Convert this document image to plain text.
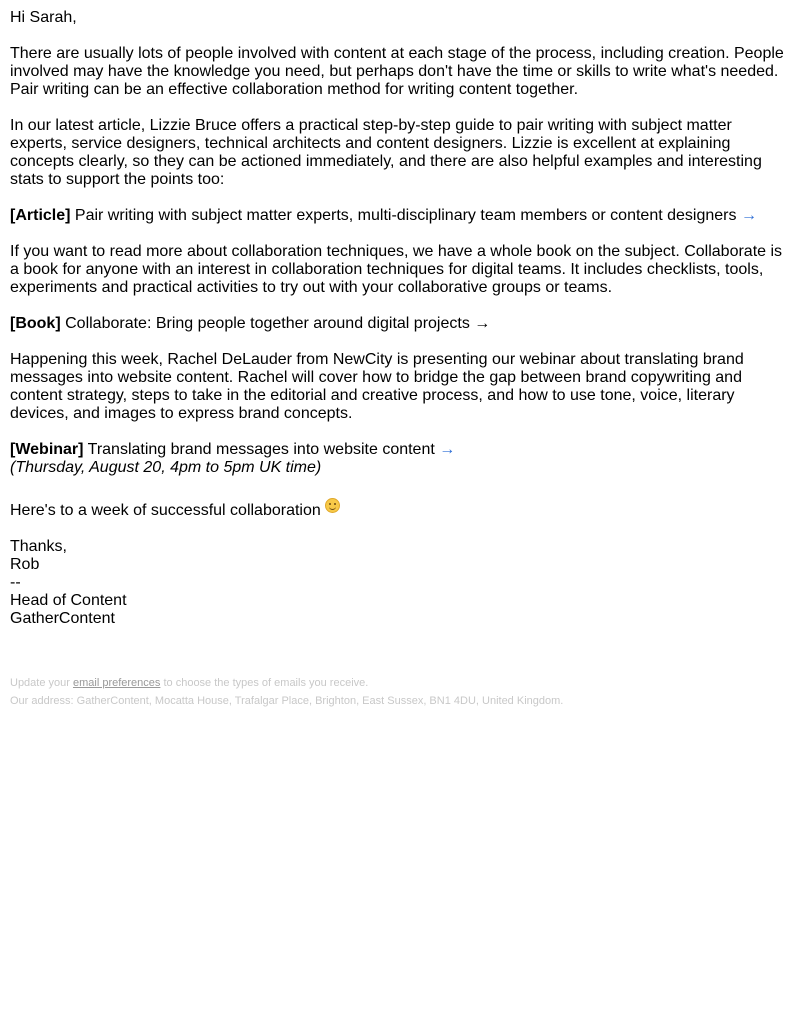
Hi Sarah,

There are usually lots of people involved with content at each stage of the process, including creation. People involved may have the knowledge you need, but perhaps don't have the time or skills to write what's needed. Pair writing can be an effective collaboration method for writing content together.

In our latest article, Lizzie Bruce offers a practical step-by-step guide to pair writing with subject matter experts, service designers, technical architects and content designers. Lizzie is excellent at explaining concepts clearly, so they can be actioned immediately, and there are also helpful examples and interesting stats to support the points too:

[Article] Pair writing with subject matter experts, multi-disciplinary team members or content designers →

If you want to read more about collaboration techniques, we have a whole book on the subject. Collaborate is a book for anyone with an interest in collaboration techniques for digital teams. It includes checklists, tools, experiments and practical activities to try out with your collaborative groups or teams.

[Book] Collaborate: Bring people together around digital projects →

Happening this week, Rachel DeLauder from NewCity is presenting our webinar about translating brand messages into website content. Rachel will cover how to bridge the gap between brand copywriting and content strategy, steps to take in the editorial and creative process, and how to use tone, voice, literary devices, and images to express brand concepts.

[Webinar] Translating brand messages into website content →
(Thursday, August 20, 4pm to 5pm UK time)

Here's to a week of successful collaboration

Thanks,
Rob
--
Head of Content
GatherContent
Update your email preferences to choose the types of emails you receive.
Our address: GatherContent, Mocatta House, Trafalgar Place, Brighton, East Sussex, BN1 4DU, United Kingdom.
